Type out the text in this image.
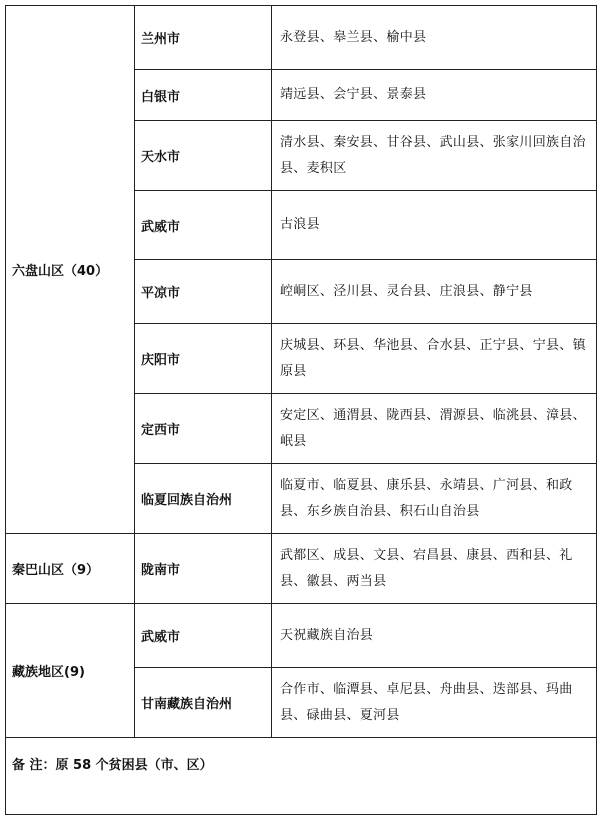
六盘山区（40）	兰州市	永登县、皋兰县、榆中县
	白银市	靖远县、会宁县、景泰县
	天水市	清水县、秦安县、甘谷县、武山县、张家川回族自治县、麦积区
	武威市	古浪县
	平凉市	崆峒区、泾川县、灵台县、庄浪县、静宁县
	庆阳市	庆城县、环县、华池县、合水县、正宁县、宁县、镇原县
	定西市	安定区、通渭县、陇西县、渭源县、临洮县、漳县、岷县
	临夏回族自治州	临夏市、临夏县、康乐县、永靖县、广河县、和政县、东乡族自治县、积石山自治县
秦巴山区（9）	陇南市	武都区、成县、文县、宕昌县、康县、西和县、礼县、徽县、两当县
藏族地区(9)	武威市	天祝藏族自治县
	甘南藏族自治州	合作市、临潭县、卓尼县、舟曲县、迭部县、玛曲县、碌曲县、夏河县
备 注：原 58 个贫困县（市、区）		
